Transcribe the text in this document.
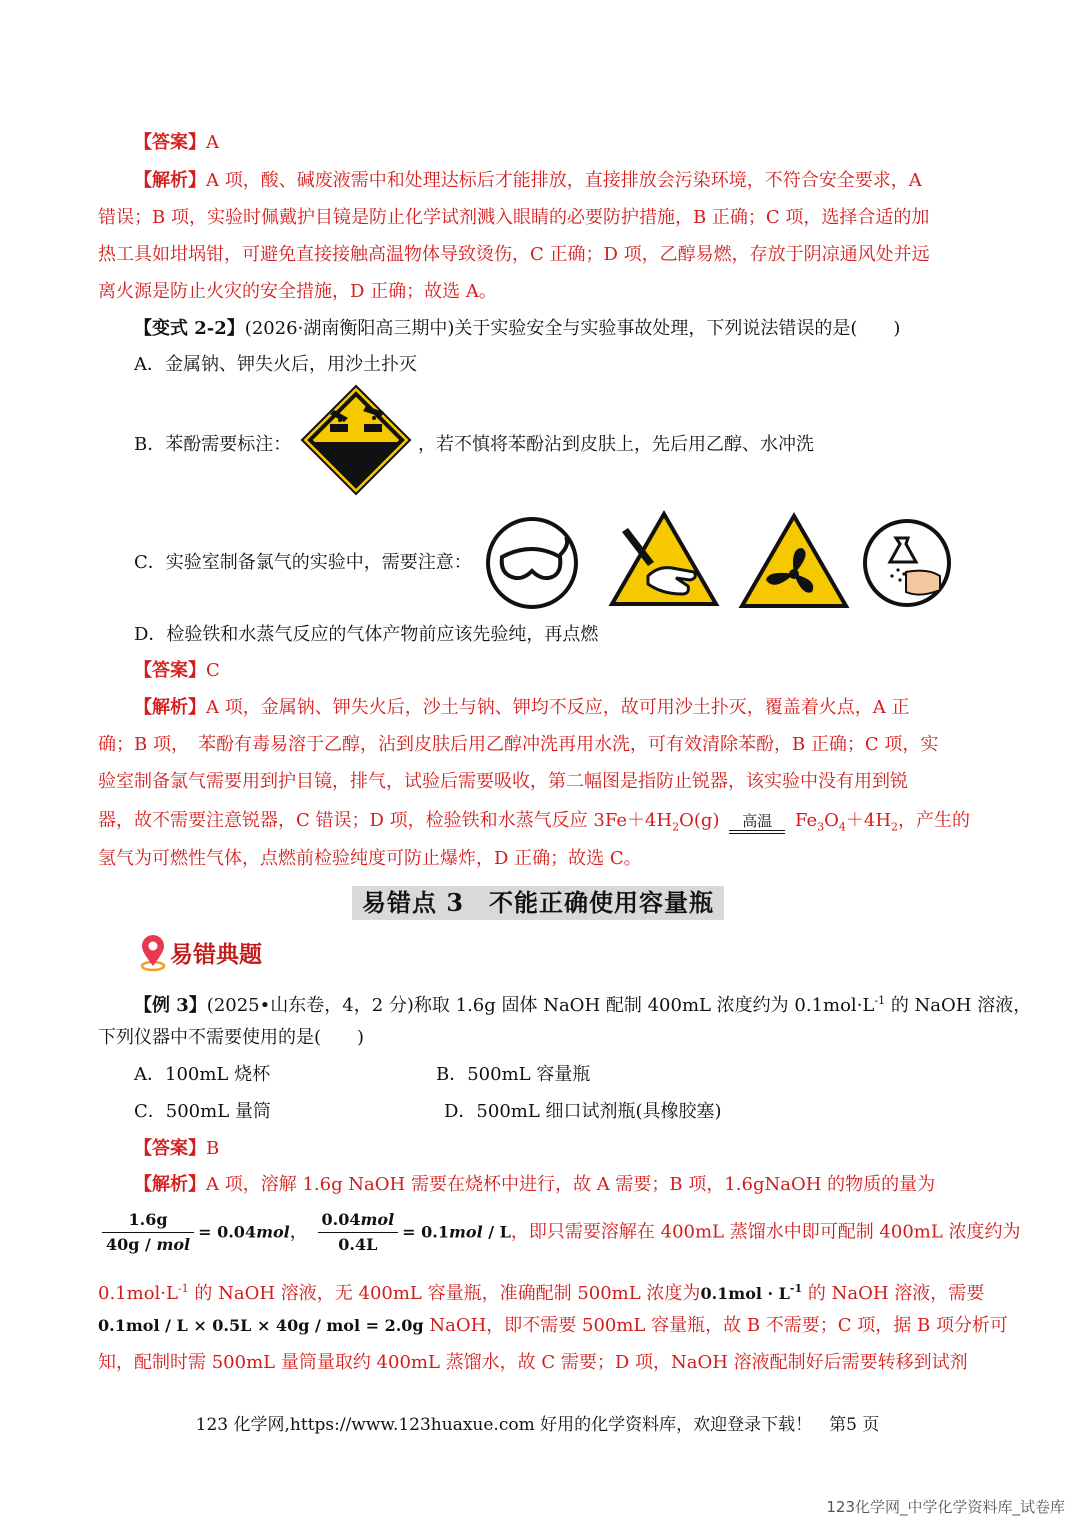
【答案】A
【解析】A 项，酸、碱废液需中和处理达标后才能排放，直接排放会污染环境，不符合安全要求，A
错误；B 项，实验时佩戴护目镜是防止化学试剂溅入眼睛的必要防护措施，B 正确；C 项，选择合适的加
热工具如坩埚钳，可避免直接接触高温物体导致烫伤，C 正确；D 项，乙醇易燃，存放于阴凉通风处并远
离火源是防止火灾的安全措施，D 正确；故选 A。
【变式 2-2】(2026·湖南衡阳高三期中)关于实验安全与实验事故处理，下列说法错误的是(　　)
A．金属钠、钾失火后，用沙土扑灭
B．苯酚需要标注：	，若不慎将苯酚沾到皮肤上，先后用乙醇、水冲洗
C．实验室制备氯气的实验中，需要注意：
D．检验铁和水蒸气反应的气体产物前应该先验纯，再点燃
【答案】C
【解析】A 项，金属钠、钾失火后，沙土与钠、钾均不反应，故可用沙土扑灭，覆盖着火点，A 正
确；B 项，　苯酚有毒易溶于乙醇，沾到皮肤后用乙醇冲洗再用水洗，可有效清除苯酚，B 正确；C 项，实
验室制备氯气需要用到护目镜，排气，试验后需要吸收，第二幅图是指防止锐器，该实验中没有用到锐
器，故不需要注意锐器，C 错误；D 项，检验铁和水蒸气反应 $3Fe+4H_2O(g)$ 高温 $Fe_3O_4+4H_2$，产生的
氢气为可燃性气体，点燃前检验纯度可防止爆炸，D 正确；故选 C。
易错点 3　不能正确使用容量瓶
易错典题
【例 3】(2025•山东卷，4，2 分)称取 1.6g 固体 NaOH 配制 400mL 浓度约为 $0.1mol\cdot L^{-1}$ 的 NaOH 溶液，
下列仪器中不需要使用的是(　　)
A．100mL 烧杯	B．500mL 容量瓶
C．500mL 量筒	D．500mL 细口试剂瓶(具橡胶塞)
【答案】B
【解析】A 项，溶解 1.6g NaOH 需要在烧杯中进行，故 A 需要；B 项，1.6gNaOH 的物质的量为
$\frac{1.6g}{\text{40g / mol}} = 0.04mol$， $\frac{\text{0.04mol}}{0.4L} = 0.1mol / L$，即只需要溶解在 400mL 蒸馏水中即可配制 400mL 浓度约为
$0.1mol\cdot L^{-1}$ 的 NaOH 溶液，无 400mL 容量瓶，准确配制 500mL 浓度为$0.1mol \cdot L^{-1}$ 的 NaOH 溶液，需要
0.1mol / L × 0.5L × 40g / mol = 2.0g NaOH，即不需要 500mL 容量瓶，故 B 不需要；C 项，据 B 项分析可
知，配制时需 500mL 量筒量取约 400mL 蒸馏水，故 C 需要；D 项，NaOH 溶液配制好后需要转移到试剂
123 化学网,https://www.123huaxue.com 好用的化学资料库，欢迎登录下载！　第5 页
123化学网_中学化学资料库_试卷库
